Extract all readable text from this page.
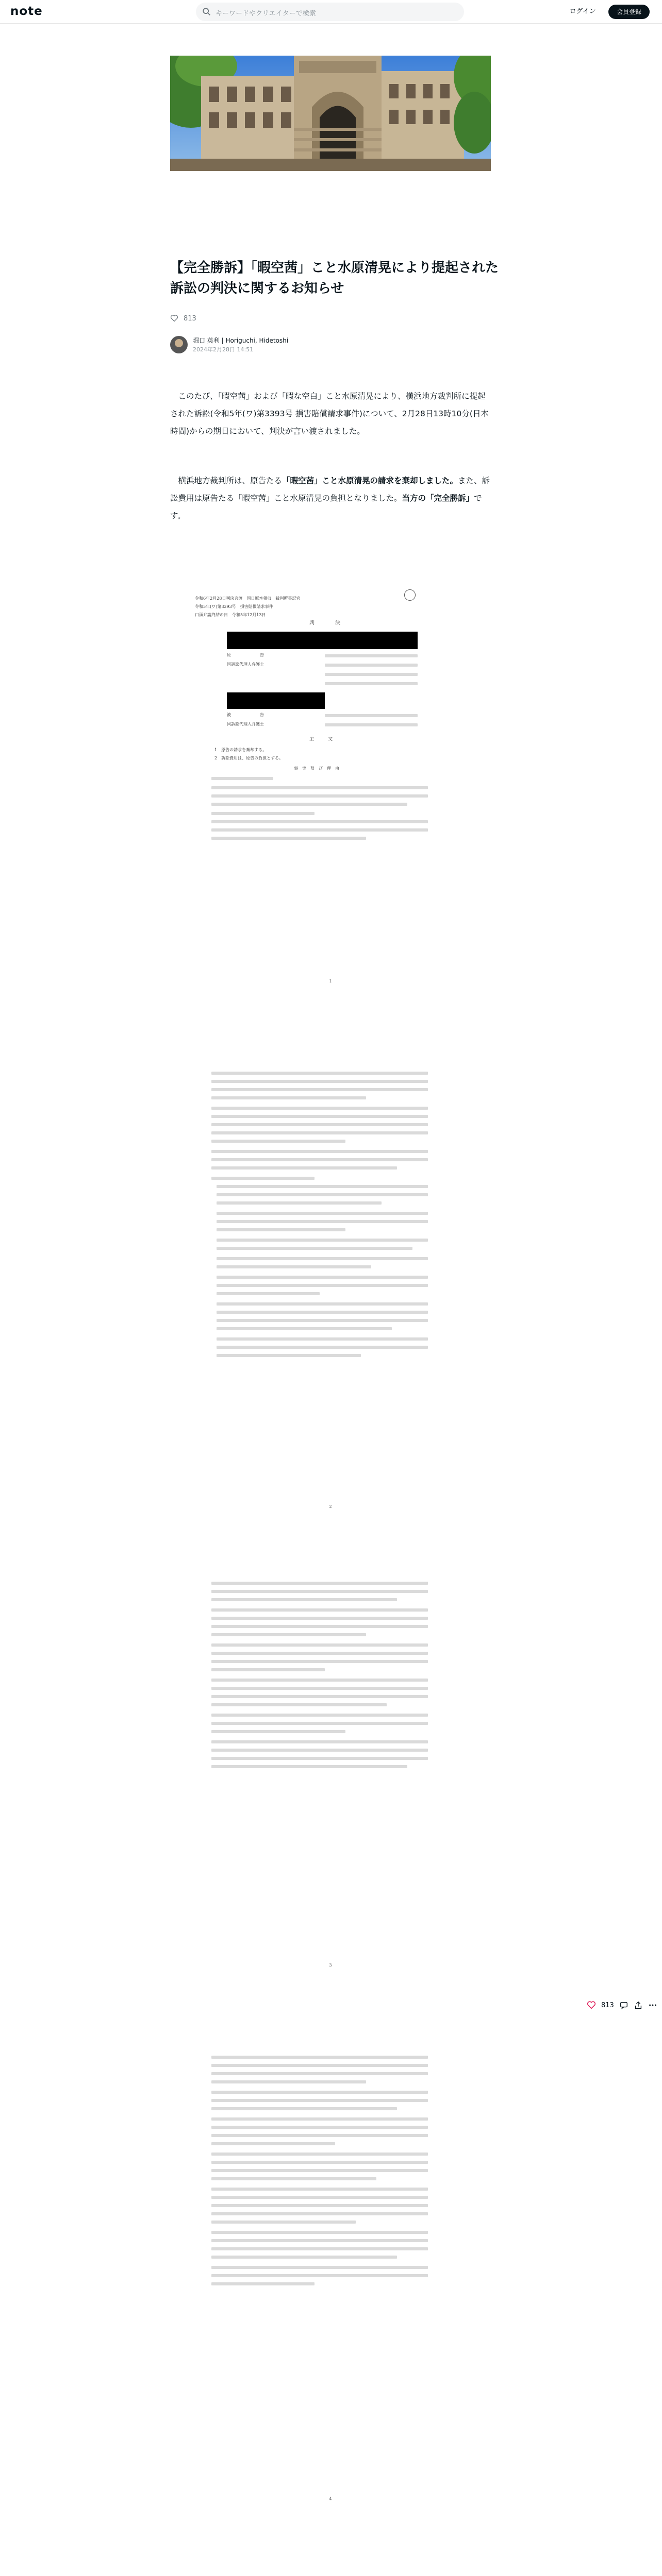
note	キーワードやクリエイターで検索	ログイン	会員登録
【完全勝訴】「暇空茜」こと水原清晃により提起された訴訟の判決に関するお知らせ
813
堀口 英利 | Horiguchi, Hidetoshi
2024年2月28日 14:51

　このたび、「暇空茜」および「暇な空白」こと水原清晃により、横浜地方裁判所に提起された訴訟(令和5年(ワ)第3393号 損害賠償請求事件)について、2月28日13時10分(日本時間)からの期日において、判決が言い渡されました。

　横浜地方裁判所は、原告たる「暇空茜」こと水原清晃の請求を棄却しました。また、訴訟費用は原告たる「暇空茜」こと水原清晃の負担となりました。当方の「完全勝訴」です。

令和6年2月28日判決言渡　同日原本領収　裁判所書記官
令和5年(ワ)第3393号　損害賠償請求事件
口頭弁論終結の日　令和5年12月13日
判　　　　決
原　　　　　　　告
同訴訟代理人弁護士
被　　　　　　　告
同訴訟代理人弁護士
主　　　文
1　原告の請求を棄却する。
2　訴訟費用は、原告の負担とする。
事　実　及　び　理　由
1
2
3
4
813
